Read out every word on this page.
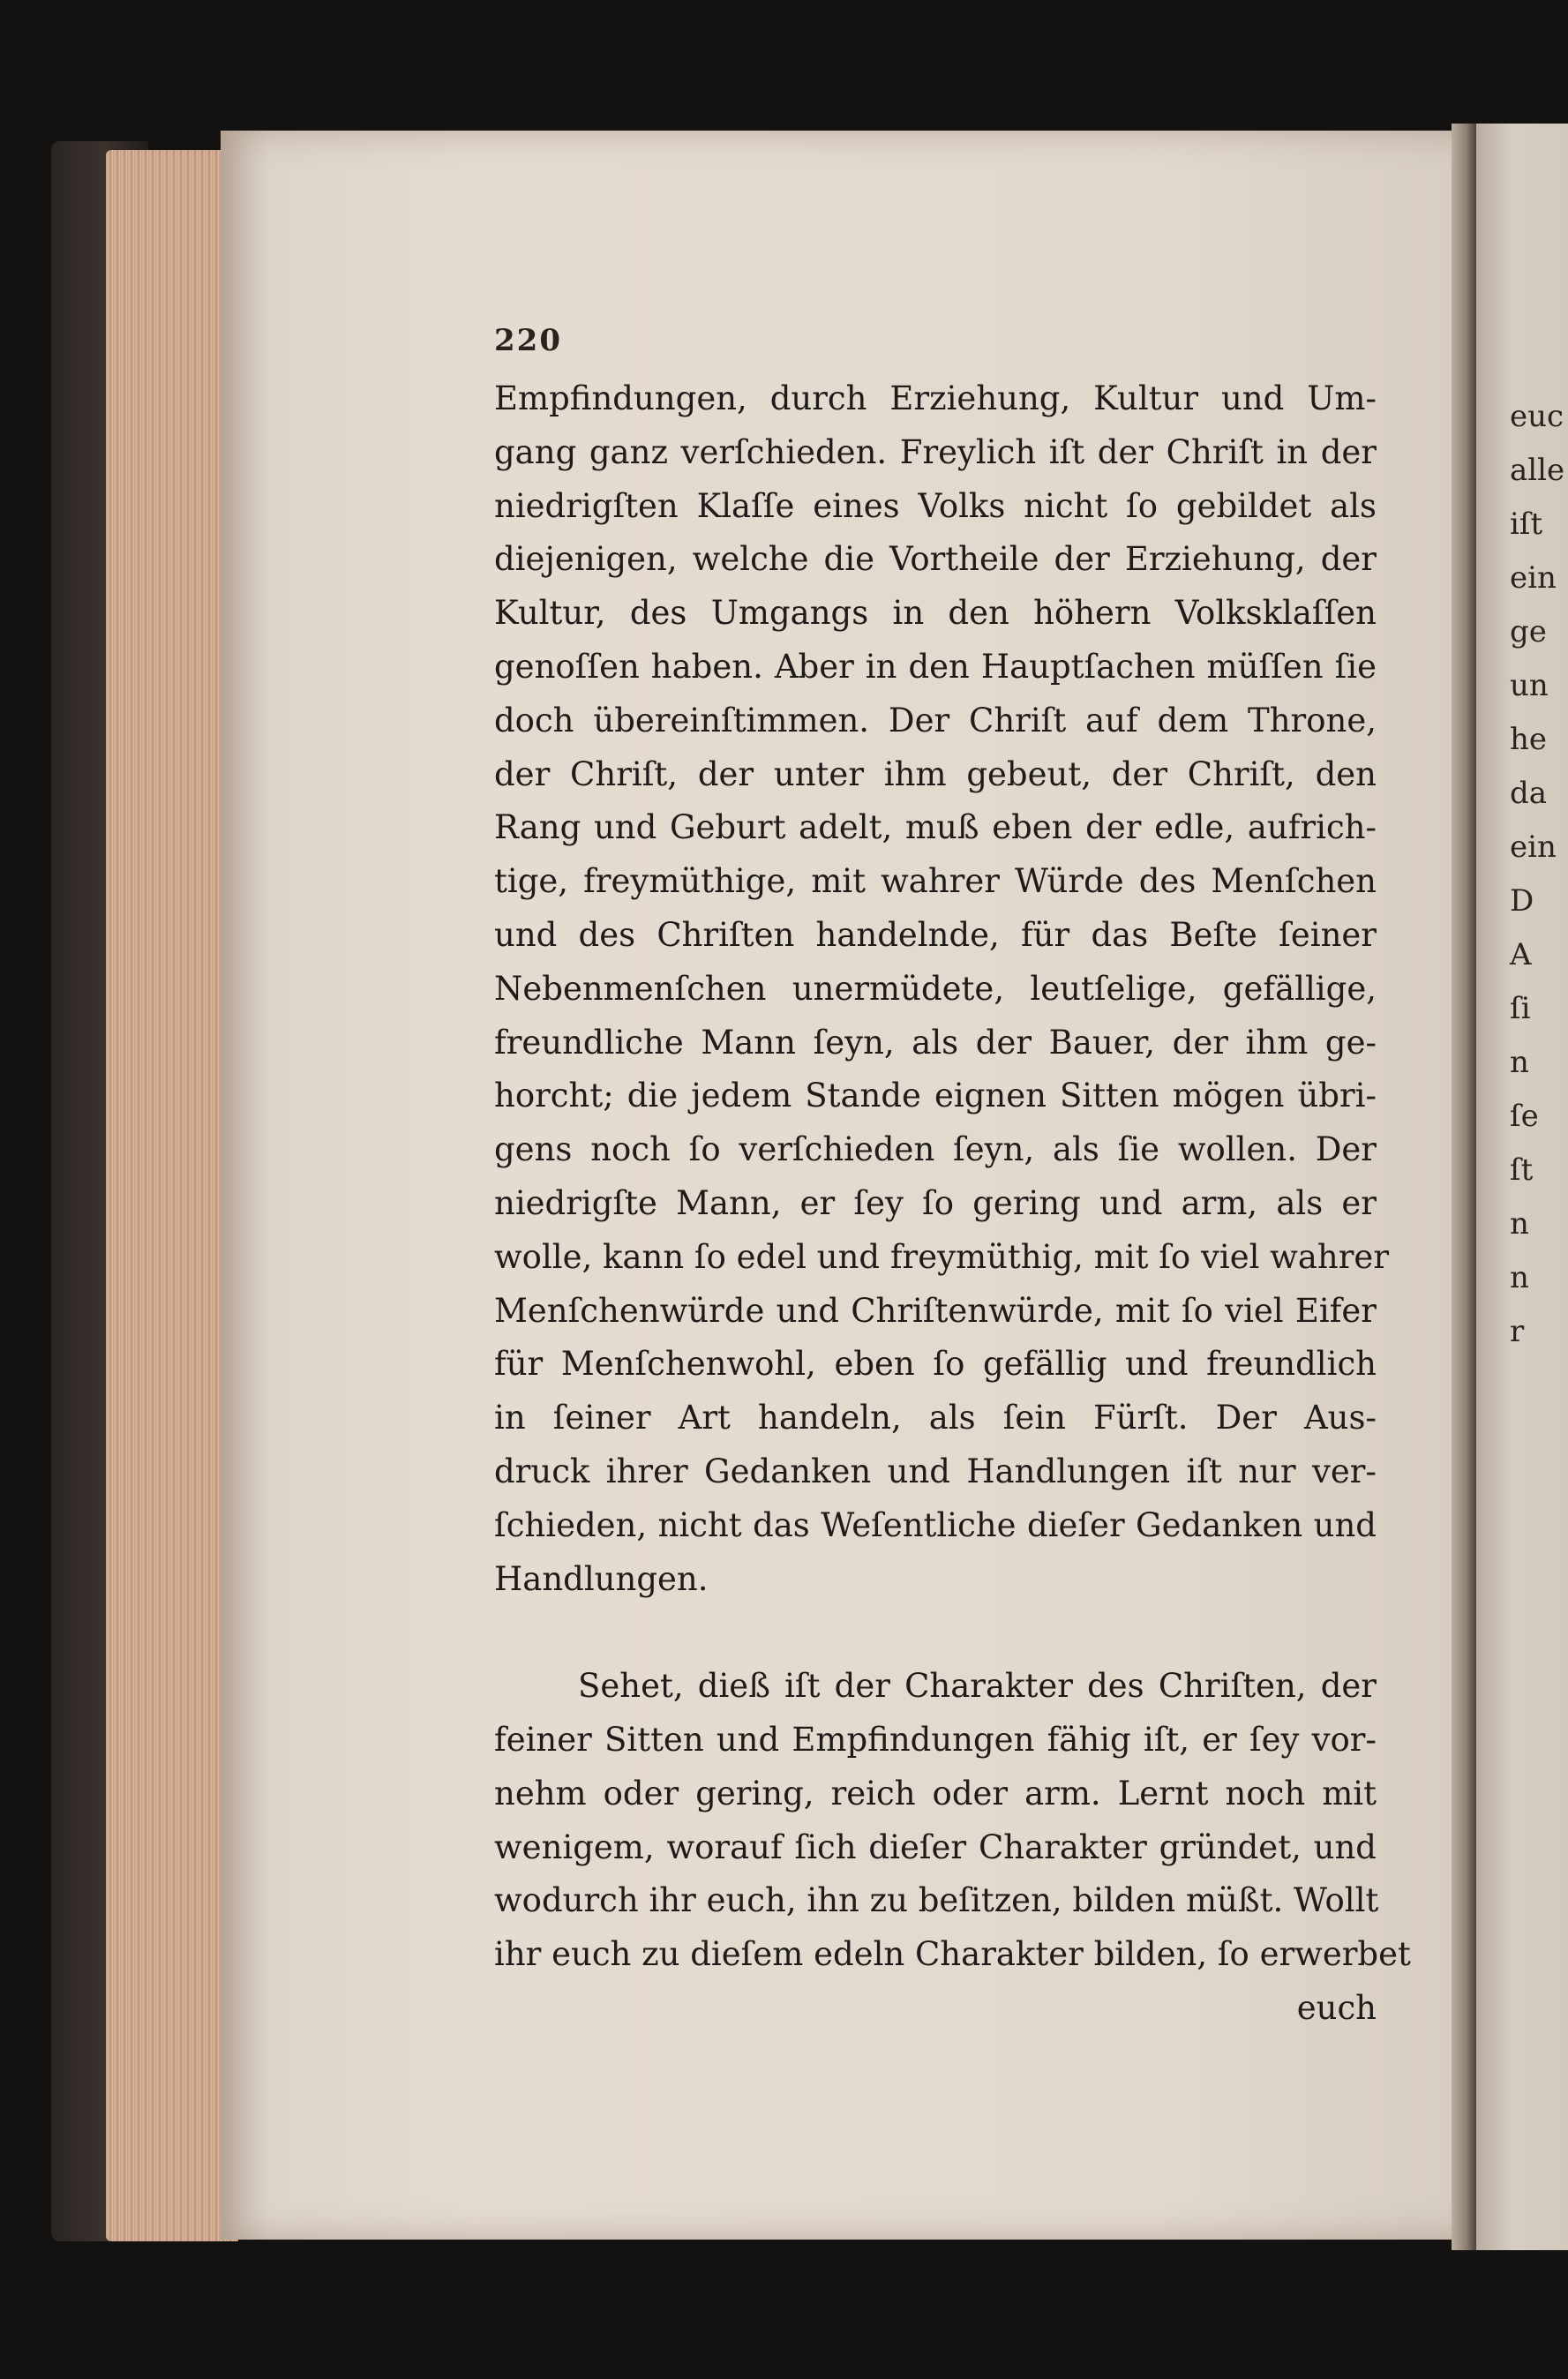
220
Empfindungen, durch Erziehung, Kultur und Um-
gang ganz verſchieden. Freylich iſt der Chriſt in der
niedrigſten Klaſſe eines Volks nicht ſo gebildet als
diejenigen, welche die Vortheile der Erziehung, der
Kultur, des Umgangs in den höhern Volksklaſſen
genoſſen haben. Aber in den Hauptſachen müſſen ſie
doch übereinſtimmen. Der Chriſt auf dem Throne,
der Chriſt, der unter ihm gebeut, der Chriſt, den
Rang und Geburt adelt, muß eben der edle, aufrich-
tige, freymüthige, mit wahrer Würde des Menſchen
und des Chriſten handelnde, für das Beſte ſeiner
Nebenmenſchen unermüdete, leutſelige, gefällige,
freundliche Mann ſeyn, als der Bauer, der ihm ge-
horcht; die jedem Stande eignen Sitten mögen übri-
gens noch ſo verſchieden ſeyn, als ſie wollen. Der
niedrigſte Mann, er ſey ſo gering und arm, als er
wolle, kann ſo edel und freymüthig, mit ſo viel wahrer
Menſchenwürde und Chriſtenwürde, mit ſo viel Eifer
für Menſchenwohl, eben ſo gefällig und freundlich
in ſeiner Art handeln, als ſein Fürſt. Der Aus-
druck ihrer Gedanken und Handlungen iſt nur ver-
ſchieden, nicht das Weſentliche dieſer Gedanken und
Handlungen.
Sehet, dieß iſt der Charakter des Chriſten, der
feiner Sitten und Empfindungen fähig iſt, er ſey vor-
nehm oder gering, reich oder arm. Lernt noch mit
wenigem, worauf ſich dieſer Charakter gründet, und
wodurch ihr euch, ihn zu beſitzen, bilden müßt. Wollt
ihr euch zu dieſem edeln Charakter bilden, ſo erwerbet
euch
euc
alle
iſt
ein
ge
un
he
da
ein
D
A
ſi
n
ſe
ſt
n
n
r
